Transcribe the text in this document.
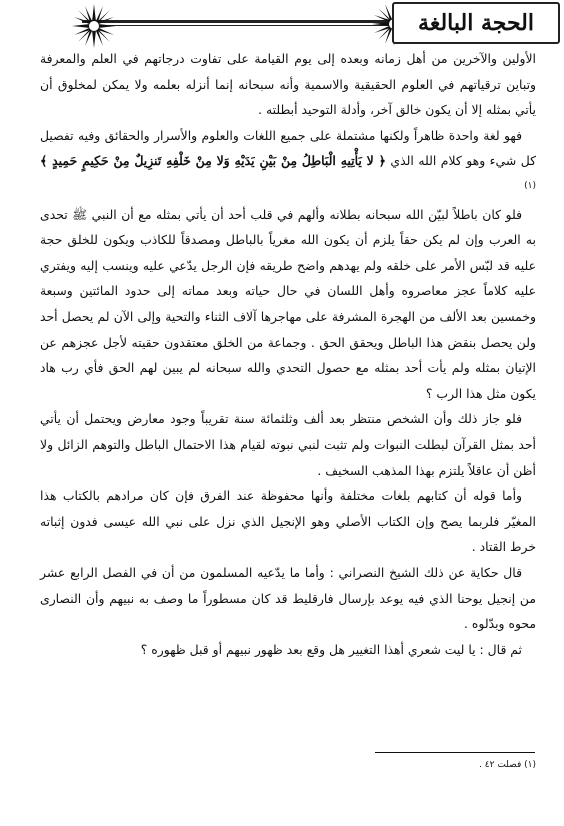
الحجة البالغة

الأولين والآخرين من أهل زمانه وبعده إلى يوم القيامة على تفاوت درجاتهم في العلم والمعرفة وتباين ترقياتهم في العلوم الحقيقية والاسمية وأنه سبحانه إنما أنزله بعلمه ولا يمكن لمخلوق أن يأتي بمثله إلا أن يكون خالق آخر، وأدلة التوحيد أبطلته .

فهو لغة واحدة ظاهراً ولكنها مشتملة على جميع اللغات والعلوم والأسرار والحقائق وفيه تفصيل كل شيء وهو كلام الله الذي ﴿ لا يَأْتِيهِ الْبَاطِلُ مِنْ بَيْنِ يَدَيْهِ وَلا مِنْ خَلْفِهِ تَنزِيلٌ مِنْ حَكِيمٍ حَمِيدٍ ﴾ $^{(١)}$

فلو كان باطلاً لبيّن الله سبحانه بطلانه وألهم في قلب أحد أن يأتي بمثله مع أن النبي ﷺ تحدى به العرب وإن لم يكن حقاً يلزم أن يكون الله مغرياً بالباطل ومصدقاً للكاذب ويكون للخلق حجة عليه قد لبّس الأمر على خلقه ولم يهدهم واضح طريقه فإن الرجل يدّعي عليه وينسب إليه ويفتري عليه كلاماً عجز معاصروه وأهل اللسان في حال حياته وبعد مماته إلى حدود المائتين وسبعة وخمسين بعد الألف من الهجرة المشرفة على مهاجرها آلاف الثناء والتحية وإلى الآن لم يحصل أحد ولن يحصل بنقض هذا الباطل ويحقق الحق . وجماعة من الخلق معتقدون حقيته لأجل عجزهم عن الإتيان بمثله ولم يأت أحد بمثله مع حصول التحدي والله سبحانه لم يبين لهم الحق فأي رب هاد يكون مثل هذا الرب ؟

فلو جاز ذلك وأن الشخص منتظر بعد ألف وثلثمائة سنة تقريباً وجود معارض ويحتمل أن يأتي أحد بمثل القرآن لبطلت النبوات ولم تثبت لنبي نبوته لقيام هذا الاحتمال الباطل والتوهم الزائل ولا أظن أن عاقلاً يلتزم بهذا المذهب السخيف .

وأما قوله أن كتابهم بلغات مختلفة وأنها محفوظة عند الفرق فإن كان مرادهم بالكتاب هذا المغيّر فلربما يصح وإن الكتاب الأصلي وهو الإنجيل الذي نزل على نبي الله عيسى فدون إثباته خرط القتاد .

قال حكاية عن ذلك الشيخ النصراني : وأما ما يدّعيه المسلمون من أن في الفصل الرابع عشر من إنجيل يوحنا الذي فيه يوعد بإرسال فارقليط قد كان مسطوراً ما وصف به نبيهم وأن النصارى محوه وبدّلوه .

ثم قال : يا ليت شعري أهذا التغيير هل وقع بعد ظهور نبيهم أو قبل ظهوره ؟

(١) فصلت ٤٢ .
